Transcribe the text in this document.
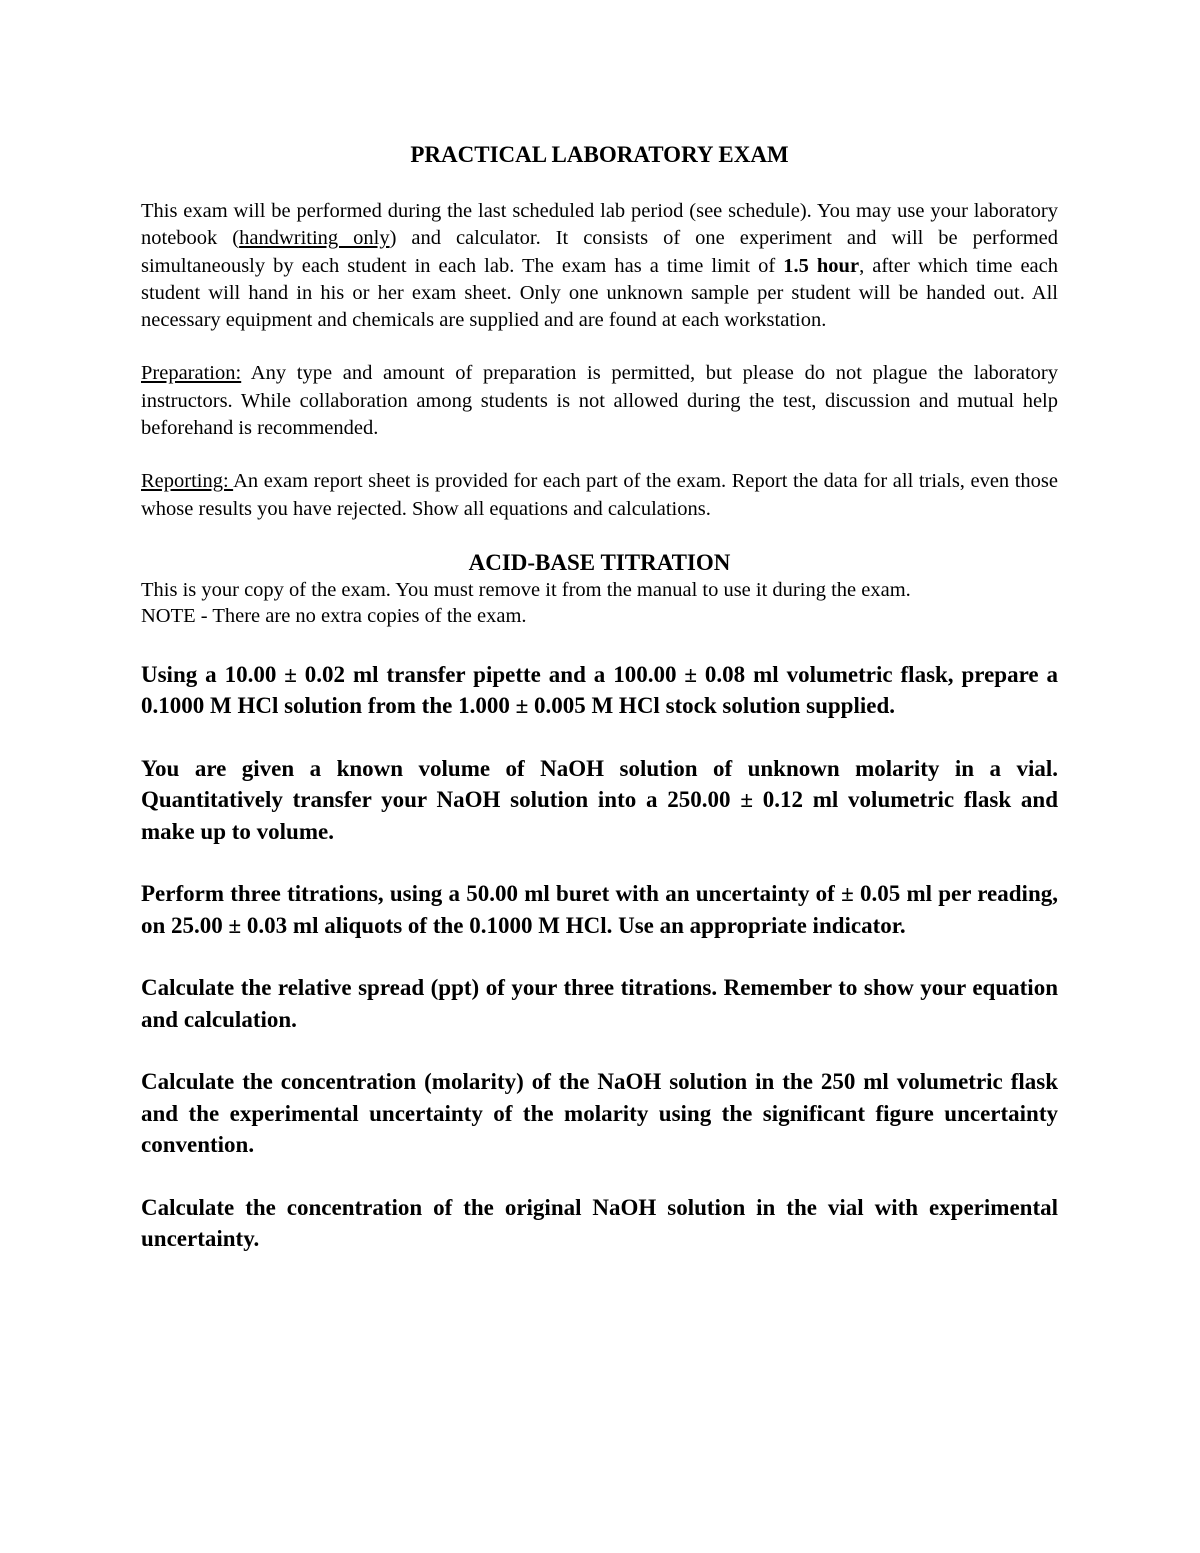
PRACTICAL LABORATORY EXAM

This exam will be performed during the last scheduled lab period (see schedule). You may use your laboratory notebook (handwriting only) and calculator. It consists of one experiment and will be performed simultaneously by each student in each lab. The exam has a time limit of 1.5 hour, after which time each student will hand in his or her exam sheet. Only one unknown sample per student will be handed out. All necessary equipment and chemicals are supplied and are found at each workstation.

Preparation: Any type and amount of preparation is permitted, but please do not plague the laboratory instructors. While collaboration among students is not allowed during the test, discussion and mutual help beforehand is recommended.

Reporting: An exam report sheet is provided for each part of the exam. Report the data for all trials, even those whose results you have rejected. Show all equations and calculations.

ACID-BASE TITRATION
This is your copy of the exam. You must remove it from the manual to use it during the exam.
NOTE - There are no extra copies of the exam.

Using a 10.00 ± 0.02 ml transfer pipette and a 100.00 ± 0.08 ml volumetric flask, prepare a 0.1000 M HCl solution from the 1.000 ± 0.005 M HCl stock solution supplied.

You are given a known volume of NaOH solution of unknown molarity in a vial. Quantitatively transfer your NaOH solution into a 250.00 ± 0.12 ml volumetric flask and make up to volume.

Perform three titrations, using a 50.00 ml buret with an uncertainty of ± 0.05 ml per reading, on 25.00 ± 0.03 ml aliquots of the 0.1000 M HCl. Use an appropriate indicator.

Calculate the relative spread (ppt) of your three titrations. Remember to show your equation and calculation.

Calculate the concentration (molarity) of the NaOH solution in the 250 ml volumetric flask and the experimental uncertainty of the molarity using the significant figure uncertainty convention.

Calculate the concentration of the original NaOH solution in the vial with experimental uncertainty.
